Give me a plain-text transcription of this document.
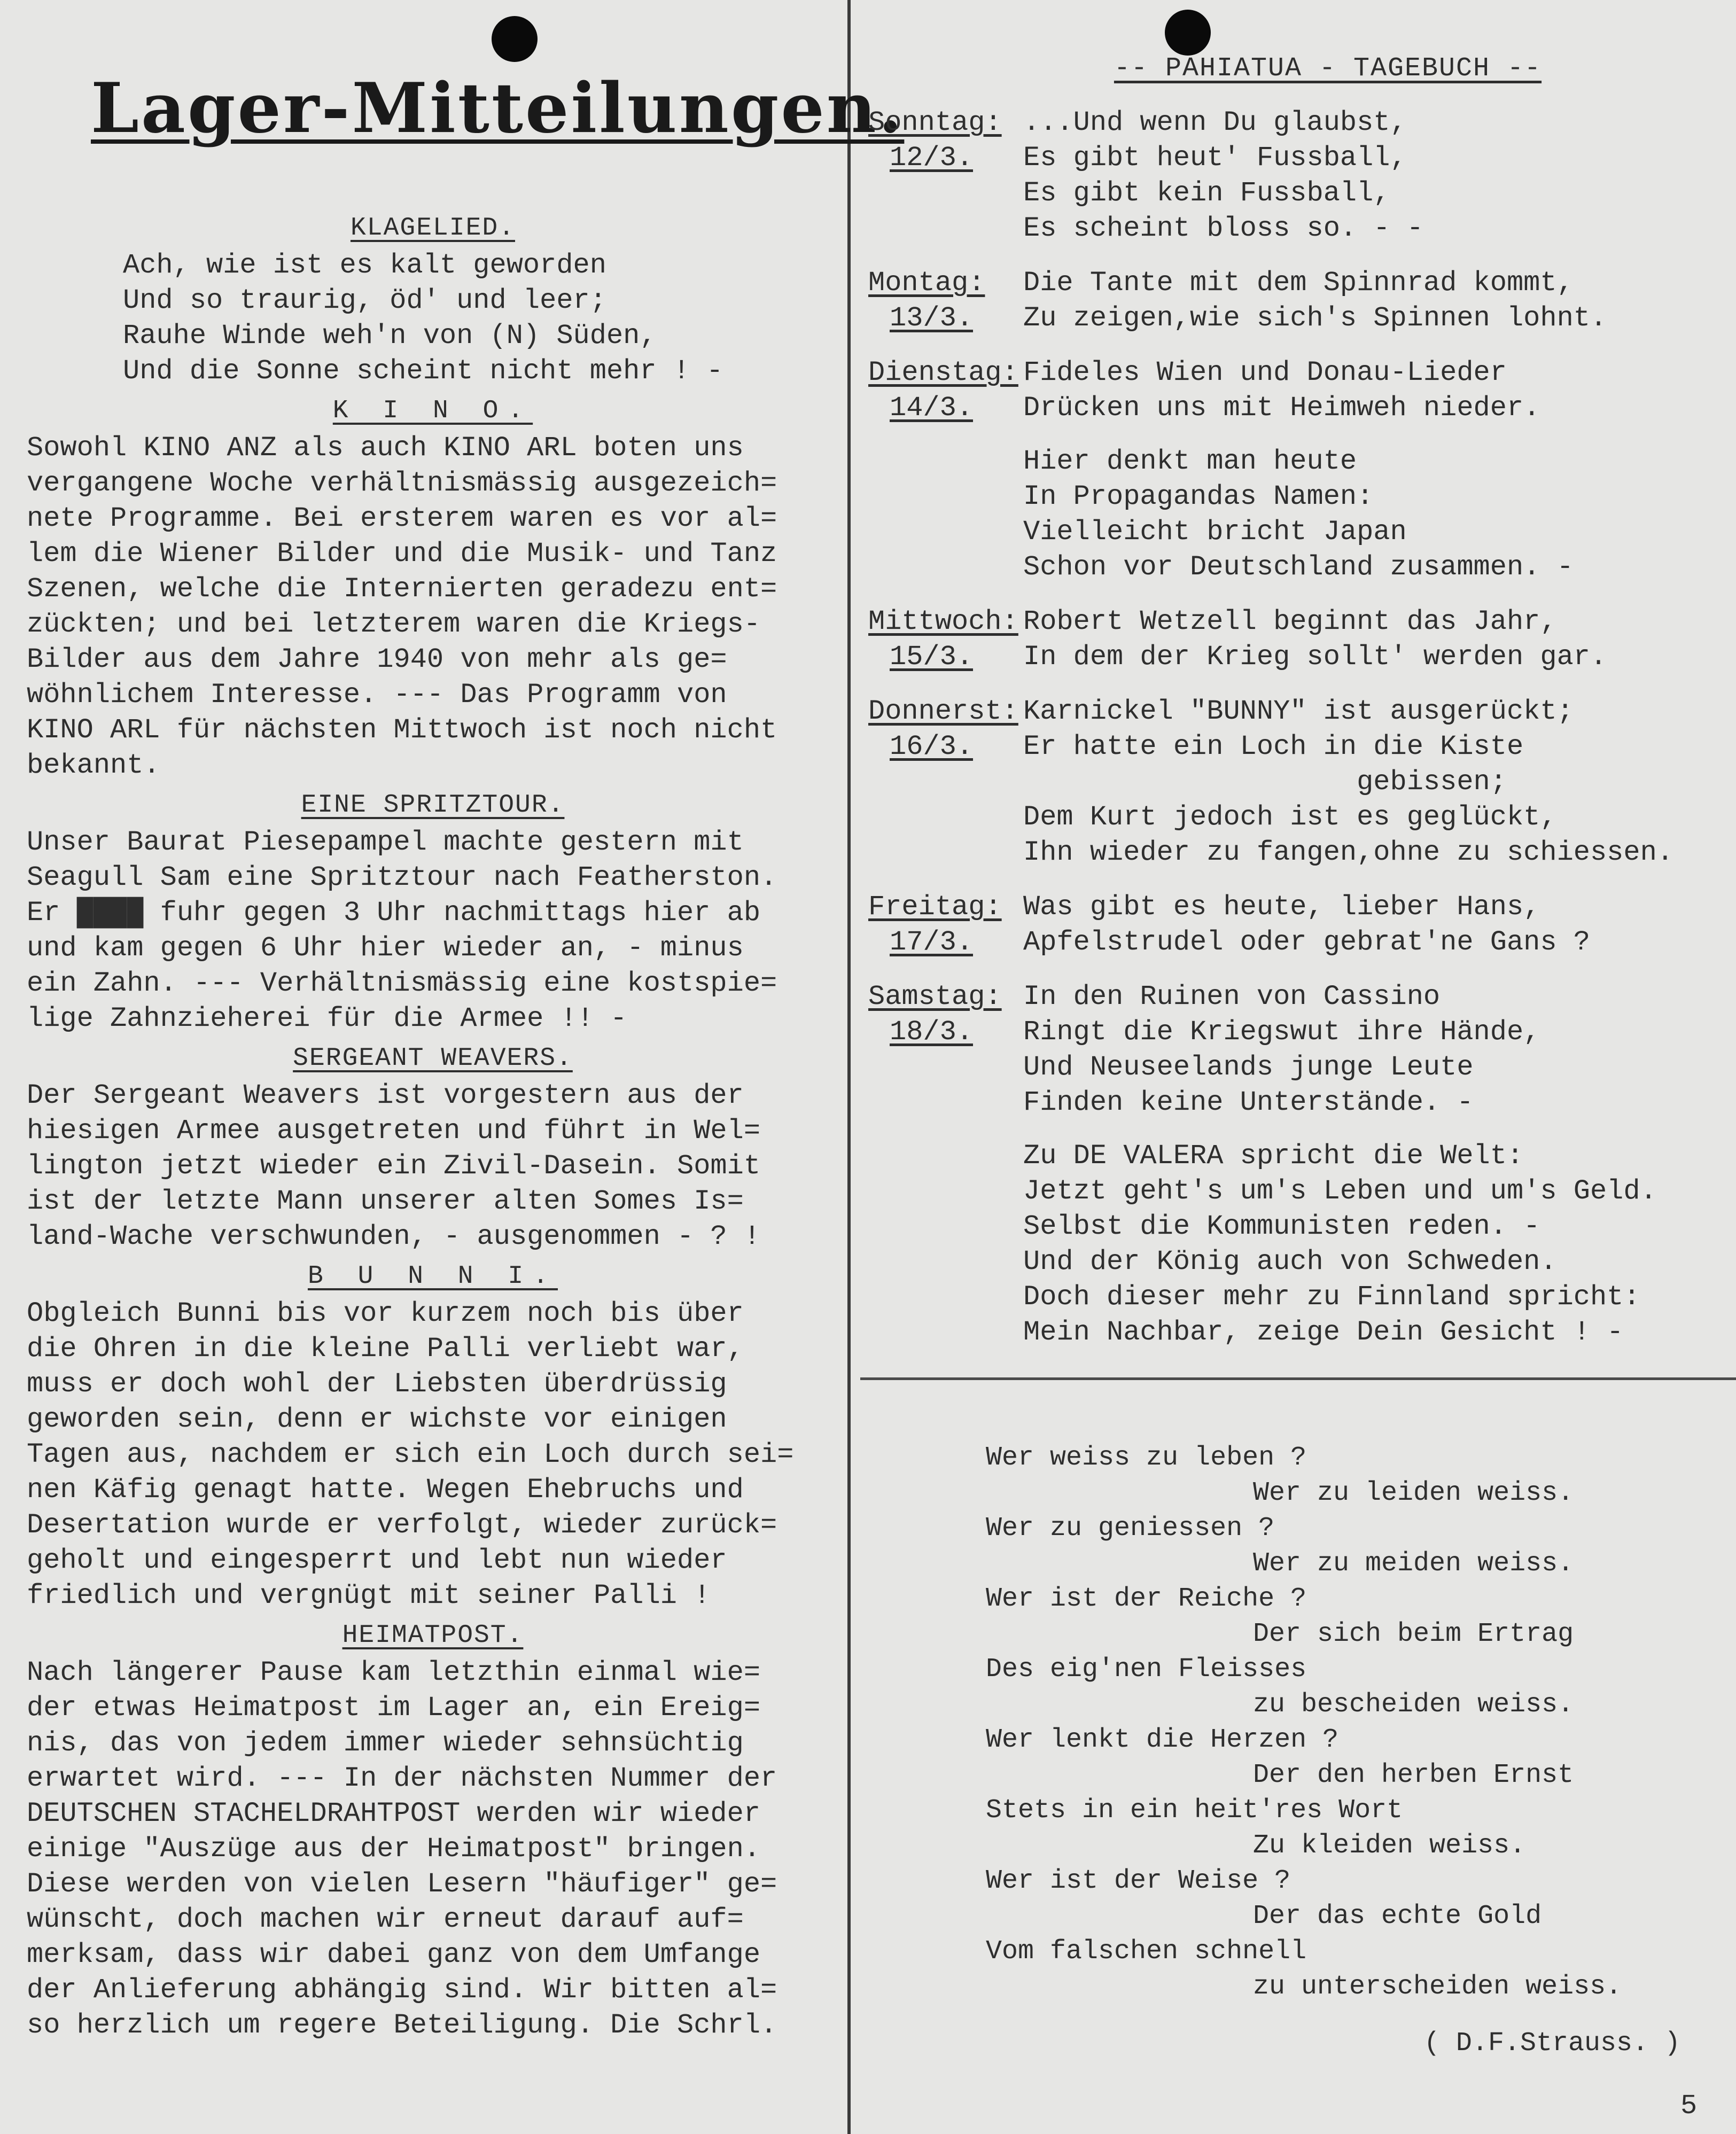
Lager-Mitteilungen.
KLAGELIED.
Ach, wie ist es kalt geworden
Und so traurig, öd' und leer;
Rauhe Winde weh'n von (N) Süden,
Und die Sonne scheint nicht mehr ! -
K I N O.
Sowohl KINO ANZ als auch KINO ARL boten uns
vergangene Woche verhältnismässig ausgezeich=
nete Programme. Bei ersterem waren es vor al=
lem die Wiener Bilder und die Musik- und Tanz
Szenen, welche die Internierten geradezu ent=
zückten; und bei letzterem waren die Kriegs-
Bilder aus dem Jahre 1940 von mehr als ge=
wöhnlichem Interesse. --- Das Programm von
KINO ARL für nächsten Mittwoch ist noch nicht
bekannt.
EINE SPRITZTOUR.
Unser Baurat Piesepampel machte gestern mit
Seagull Sam eine Spritztour nach Featherston.
Er ████ fuhr gegen 3 Uhr nachmittags hier ab
und kam gegen 6 Uhr hier wieder an, - minus
ein Zahn. --- Verhältnismässig eine kostspie=
lige Zahnzieherei für die Armee !! -
SERGEANT WEAVERS.
Der Sergeant Weavers ist vorgestern aus der
hiesigen Armee ausgetreten und führt in Wel=
lington jetzt wieder ein Zivil-Dasein. Somit
ist der letzte Mann unserer alten Somes Is=
land-Wache verschwunden, - ausgenommen - ? !
B U N N I.
Obgleich Bunni bis vor kurzem noch bis über
die Ohren in die kleine Palli verliebt war,
muss er doch wohl der Liebsten überdrüssig
geworden sein, denn er wichste vor einigen
Tagen aus, nachdem er sich ein Loch durch sei=
nen Käfig genagt hatte. Wegen Ehebruchs und
Desertation wurde er verfolgt, wieder zurück=
geholt und eingesperrt und lebt nun wieder
friedlich und vergnügt mit seiner Palli !
HEIMATPOST.
Nach längerer Pause kam letzthin einmal wie=
der etwas Heimatpost im Lager an, ein Ereig=
nis, das von jedem immer wieder sehnsüchtig
erwartet wird. --- In der nächsten Nummer der
DEUTSCHEN STACHELDRAHTPOST werden wir wieder
einige "Auszüge aus der Heimatpost" bringen.
Diese werden von vielen Lesern "häufiger" ge=
wünscht, doch machen wir erneut darauf auf=
merksam, dass wir dabei ganz von dem Umfange
der Anlieferung abhängig sind. Wir bitten al=
so herzlich um regere Beteiligung. Die Schrl.
-- PAHIATUA - TAGEBUCH --
Sonntag:
12/3.
...Und wenn Du glaubst,
Es gibt heut' Fussball,
Es gibt kein Fussball,
Es scheint bloss so. - -
Montag:
13/3.
Die Tante mit dem Spinnrad kommt,
Zu zeigen,wie sich's Spinnen lohnt.
Dienstag:
14/3.
Fideles Wien und Donau-Lieder
Drücken uns mit Heimweh nieder.
Hier denkt man heute
In Propagandas Namen:
Vielleicht bricht Japan
Schon vor Deutschland zusammen. -
Mittwoch:
15/3.
Robert Wetzell beginnt das Jahr,
In dem der Krieg sollt' werden gar.
Donnerst:
16/3.
Karnickel "BUNNY" ist ausgerückt;
Er hatte ein Loch in die Kiste
gebissen;
Dem Kurt jedoch ist es geglückt,
Ihn wieder zu fangen,ohne zu schiessen.
Freitag:
17/3.
Was gibt es heute, lieber Hans,
Apfelstrudel oder gebrat'ne Gans ?
Samstag:
18/3.
In den Ruinen von Cassino
Ringt die Kriegswut ihre Hände,
Und Neuseelands junge Leute
Finden keine Unterstände. -
Zu DE VALERA spricht die Welt:
Jetzt geht's um's Leben und um's Geld.
Selbst die Kommunisten reden. -
Und der König auch von Schweden.
Doch dieser mehr zu Finnland spricht:
Mein Nachbar, zeige Dein Gesicht ! -
Wer weiss zu leben ?
Wer zu leiden weiss.
Wer zu geniessen ?
Wer zu meiden weiss.
Wer ist der Reiche ?
Der sich beim Ertrag
Des eig'nen Fleisses
zu bescheiden weiss.
Wer lenkt die Herzen ?
Der den herben Ernst
Stets in ein heit'res Wort
Zu kleiden weiss.
Wer ist der Weise ?
Der das echte Gold
Vom falschen schnell
zu unterscheiden weiss.
( D.F.Strauss. )
5
